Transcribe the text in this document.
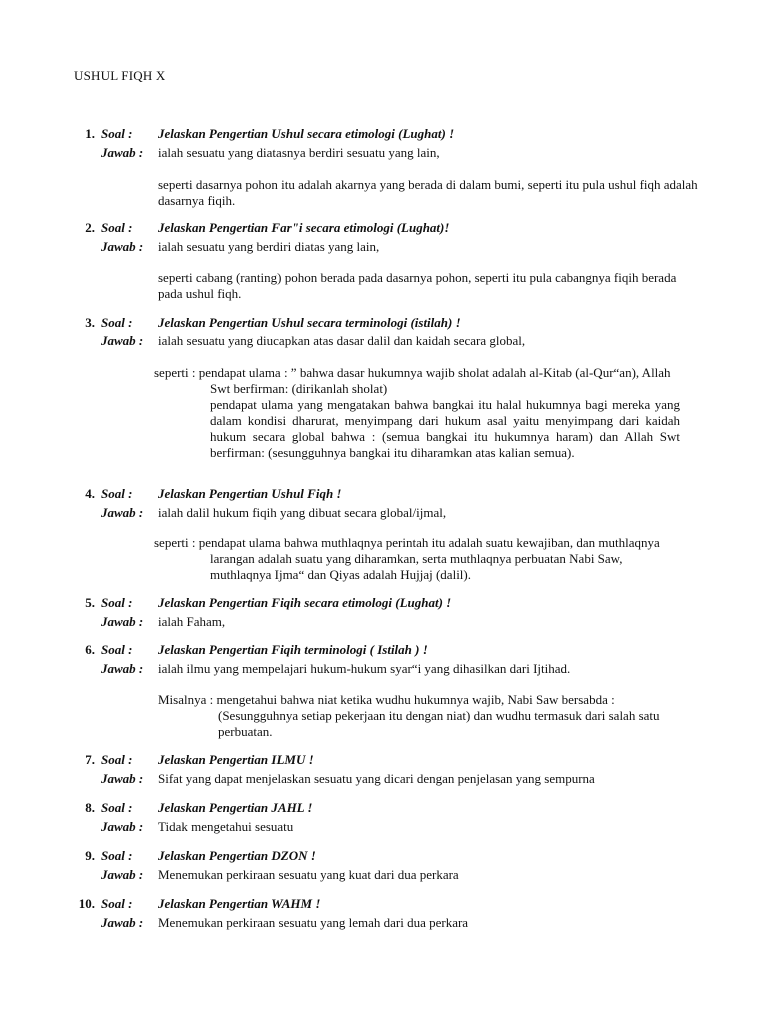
USHUL FIQH X
1. Soal : Jelaskan Pengertian Ushul secara etimologi (Lughat) !
Jawab : ialah sesuatu yang diatasnya berdiri sesuatu yang lain,

seperti dasarnya pohon itu adalah akarnya yang berada di dalam bumi, seperti itu pula ushul fiqh adalah dasarnya fiqih.

2. Soal : Jelaskan Pengertian Far"i secara etimologi (Lughat)!
Jawab : ialah sesuatu yang berdiri diatas yang lain,

seperti cabang (ranting) pohon berada pada dasarnya pohon, seperti itu pula cabangnya fiqih berada pada ushul fiqh.

3. Soal : Jelaskan Pengertian Ushul secara terminologi (istilah) !
Jawab : ialah sesuatu yang diucapkan atas dasar dalil dan kaidah secara global,

seperti : pendapat ulama : ” bahwa dasar hukumnya wajib sholat adalah al-Kitab (al-Qur“an), Allah Swt berfirman: (dirikanlah sholat)

pendapat ulama yang mengatakan bahwa bangkai itu halal hukumnya bagi mereka yang dalam kondisi dharurat, menyimpang dari hukum asal yaitu menyimpang dari kaidah hukum secara global bahwa : (semua bangkai itu hukumnya haram) dan Allah Swt berfirman: (sesungguhnya bangkai itu diharamkan atas kalian semua).

4. Soal : Jelaskan Pengertian Ushul Fiqh !
Jawab : ialah dalil hukum fiqih yang dibuat secara global/ijmal,

seperti : pendapat ulama bahwa muthlaqnya perintah itu adalah suatu kewajiban, dan muthlaqnya larangan adalah suatu yang diharamkan, serta muthlaqnya perbuatan Nabi Saw, muthlaqnya Ijma“ dan Qiyas adalah Hujjaj (dalil).

5. Soal : Jelaskan Pengertian Fiqih secara etimologi (Lughat) !
Jawab : ialah Faham,
6. Soal : Jelaskan Pengertian Fiqih terminologi ( Istilah ) !
Jawab : ialah ilmu yang mempelajari hukum-hukum syar“i yang dihasilkan dari Ijtihad.

Misalnya : mengetahui bahwa niat ketika wudhu hukumnya wajib, Nabi Saw bersabda : (Sesungguhnya setiap pekerjaan itu dengan niat) dan wudhu termasuk dari salah satu perbuatan.

7. Soal : Jelaskan Pengertian ILMU !
Jawab : Sifat yang dapat menjelaskan sesuatu yang dicari dengan penjelasan yang sempurna
8. Soal : Jelaskan Pengertian JAHL !
Jawab : Tidak mengetahui sesuatu
9. Soal : Jelaskan Pengertian DZON !
Jawab : Menemukan perkiraan sesuatu yang kuat dari dua perkara
10. Soal : Jelaskan Pengertian WAHM !
Jawab : Menemukan perkiraan sesuatu yang lemah dari dua perkara
